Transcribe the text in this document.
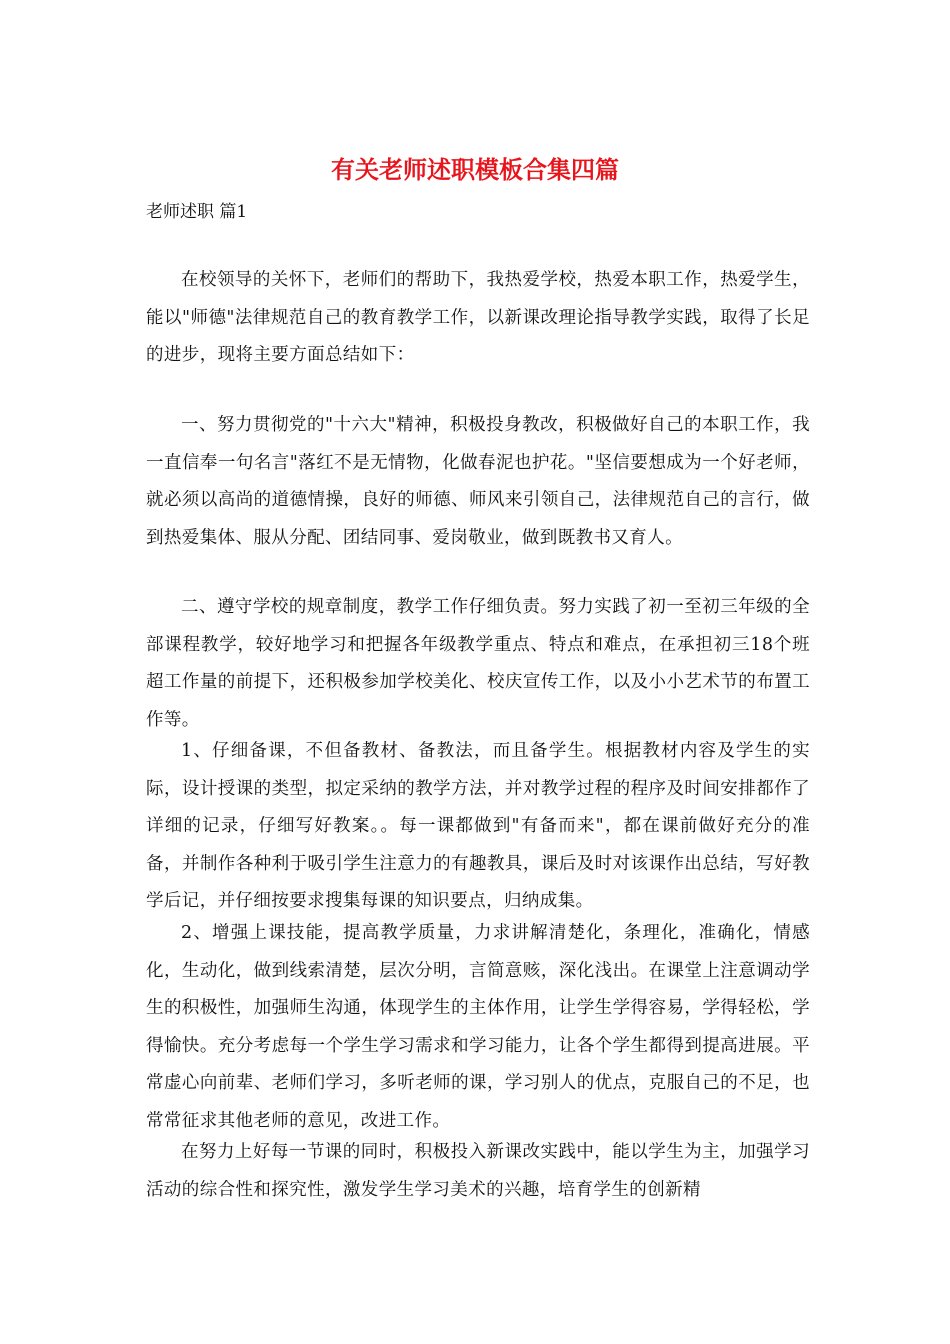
有关老师述职模板合集四篇
老师述职 篇1

在校领导的关怀下，老师们的帮助下，我热爱学校，热爱本职工作，热爱学生，能以"师德"法律规范自己的教育教学工作，以新课改理论指导教学实践，取得了长足的进步，现将主要方面总结如下：

一、努力贯彻党的"十六大"精神，积极投身教改，积极做好自己的本职工作，我一直信奉一句名言"落红不是无情物，化做春泥也护花。"坚信要想成为一个好老师，就必须以高尚的道德情操，良好的师德、师风来引领自己，法律规范自己的言行，做到热爱集体、服从分配、团结同事、爱岗敬业，做到既教书又育人。

二、遵守学校的规章制度，教学工作仔细负责。努力实践了初一至初三年级的全部课程教学，较好地学习和把握各年级教学重点、特点和难点，在承担初三18个班超工作量的前提下，还积极参加学校美化、校庆宣传工作，以及小小艺术节的布置工作等。

1、仔细备课，不但备教材、备教法，而且备学生。根据教材内容及学生的实际，设计授课的类型，拟定采纳的教学方法，并对教学过程的程序及时间安排都作了详细的记录，仔细写好教案。。每一课都做到"有备而来"，都在课前做好充分的准备，并制作各种利于吸引学生注意力的有趣教具，课后及时对该课作出总结，写好教学后记，并仔细按要求搜集每课的知识要点，归纳成集。

2、增强上课技能，提高教学质量，力求讲解清楚化，条理化，准确化，情感化，生动化，做到线索清楚，层次分明，言简意赅，深化浅出。在课堂上注意调动学生的积极性，加强师生沟通，体现学生的主体作用，让学生学得容易，学得轻松，学得愉快。充分考虑每一个学生学习需求和学习能力，让各个学生都得到提高进展。平常虚心向前辈、老师们学习，多听老师的课，学习别人的优点，克服自己的不足，也常常征求其他老师的意见，改进工作。

在努力上好每一节课的同时，积极投入新课改实践中，能以学生为主，加强学习活动的综合性和探究性，激发学生学习美术的兴趣，培育学生的创新精
